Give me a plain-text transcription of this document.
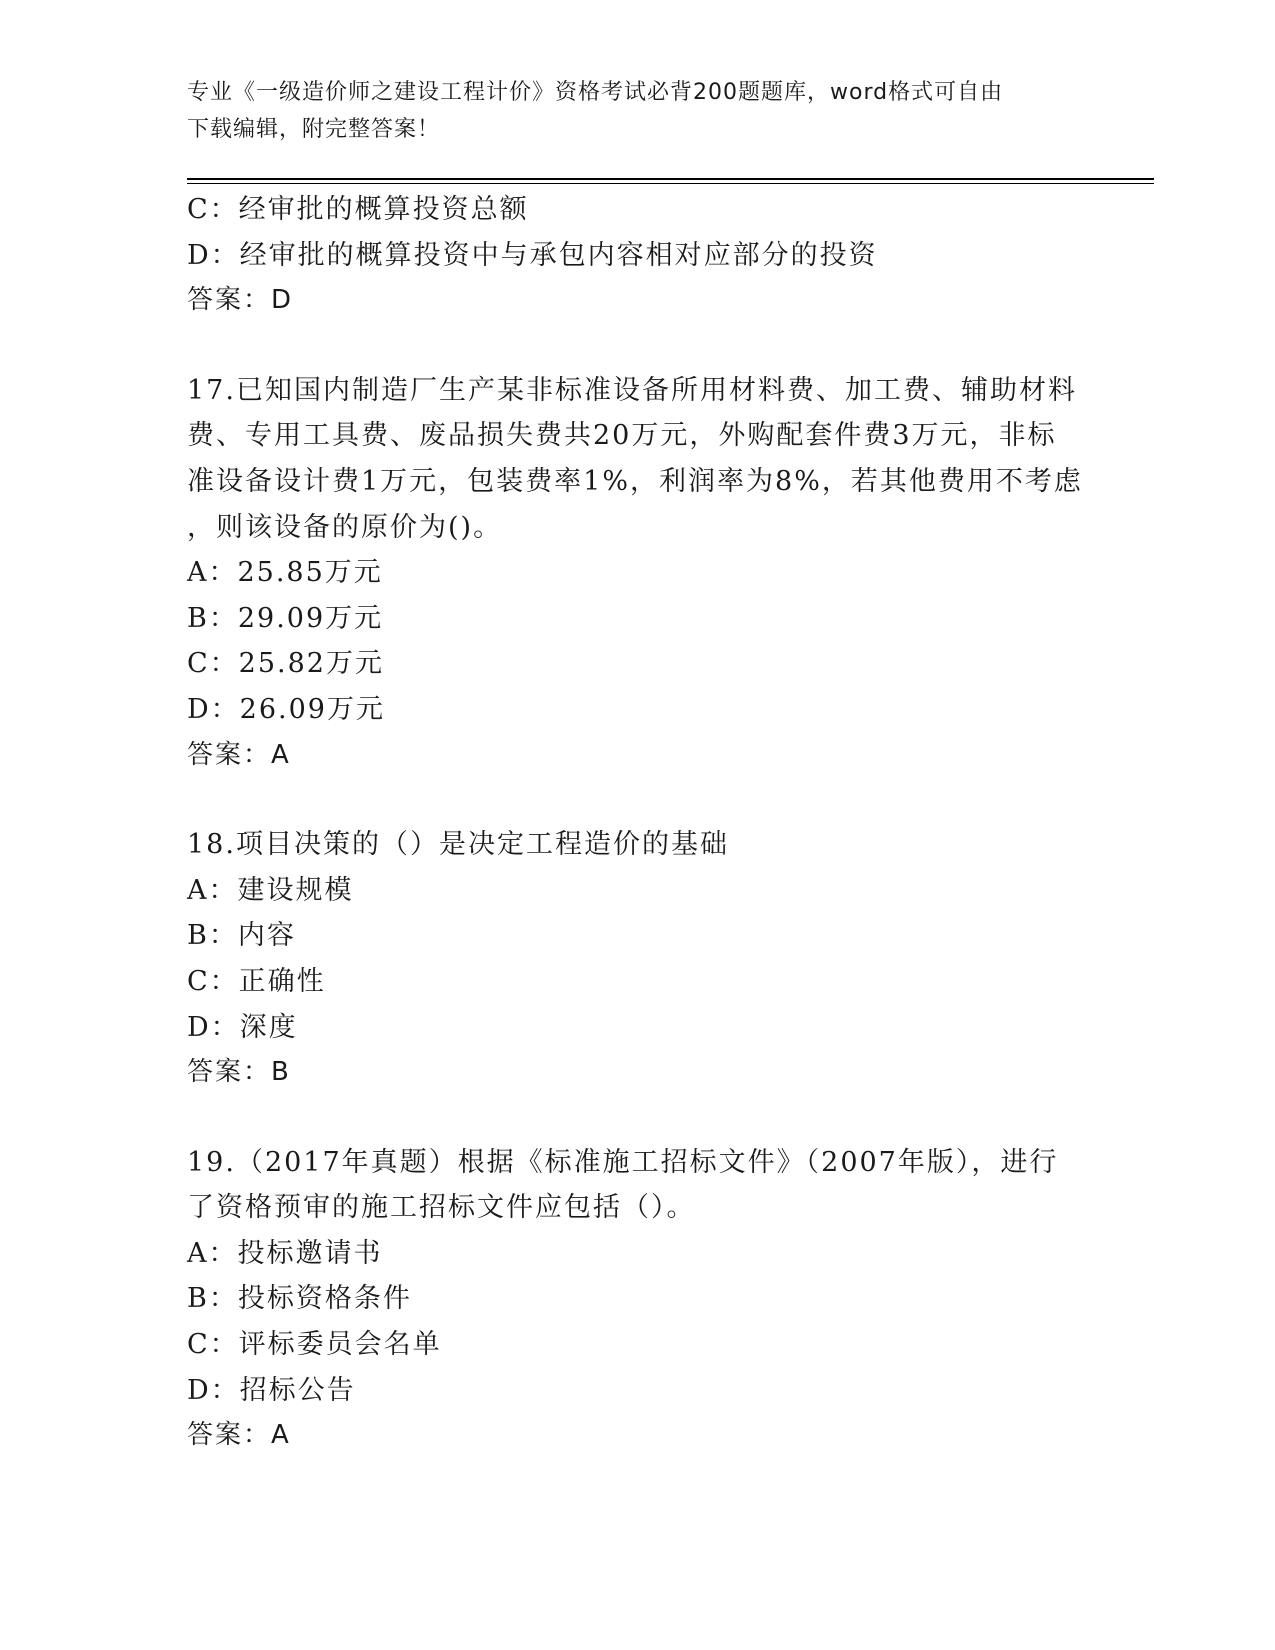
专业《一级造价师之建设工程计价》资格考试必背200题题库，word格式可自由
下载编辑，附完整答案！
C：经审批的概算投资总额
D：经审批的概算投资中与承包内容相对应部分的投资
答案：D
17.已知国内制造厂生产某非标准设备所用材料费、加工费、辅助材料
费、专用工具费、废品损失费共20万元，外购配套件费3万元，非标
准设备设计费1万元，包装费率1%，利润率为8%，若其他费用不考虑
，则该设备的原价为()。
A：25.85万元
B：29.09万元
C：25.82万元
D：26.09万元
答案：A
18.项目决策的（）是决定工程造价的基础
A：建设规模
B：内容
C：正确性
D：深度
答案：B
19.（2017年真题）根据《标准施工招标文件》（2007年版），进行
了资格预审的施工招标文件应包括（）。
A：投标邀请书
B：投标资格条件
C：评标委员会名单
D：招标公告
答案：A
